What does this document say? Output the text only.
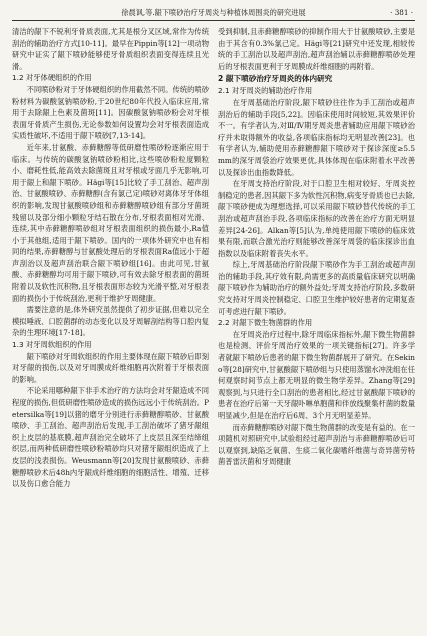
徐晨讽,等.龈下喷砂治疗牙周炎与种植体周围炎的研究进展	· 381 ·

清洁的龈下不锐利牙骨质表面,尤其是根分叉区域,常作为传统刮治的辅助治疗方式[10-11]。最早在Pippin等[12]一项动物研究中证实了龈下喷砂能够使牙骨质组织表面变得连续且光滑。

1.2 对牙体硬组织的作用

不同喷砂粉对于牙体硬组织的作用截然不同。传统的喷砂粉材料为碳酸氢钠喷砂粉,于20世纪80年代投入临床应用,常用于去除龈上色素及菌斑[11]。因碳酸氢钠喷砂粉会对牙根表面牙骨质产生损伤,无论参数如何设置均会对牙根表面造成实质性破坏,不适用于龈下喷砂[7,13-14]。

近年来,甘氨酸、赤藓糖醇等低研磨性喷砂粉逐渐应用于临床。与传统的碳酸氢钠喷砂粉相比,这些喷砂粉粒度颗粒小、磨耗性低,能高效去除菌斑且对牙根或牙面几乎无影响,可用于龈上和龈下喷砂。Hägi等[15]比较了手工刮治、超声刮治、甘氨酸喷砂、赤藓糖醇(含有氯己定)喷砂对离体牙牙体组织的影响,发现甘氨酸喷砂组和赤藓糖醇喷砂组有部分牙菌斑残留以及部分细小颗粒牙结石散在分布,牙根表面相对光滑、连续,其中赤藓糖醇喷砂组对牙根表面组织的损伤最小,Ra值小于其他组,适用于龈下喷砂。国内的一项体外研究中也有相同的结果,赤藓糖醇与甘氨酸处理后的牙根表面Ra值远小于超声刮治以及超声刮治联合龈下喷砂组[16]。由此可见,甘氨酸、赤藓糖醇均可用于龈下喷砂,可有效去除牙根表面的菌斑附着以及软性沉积物,且牙根表面形态较为光滑平整,对牙根表面的损伤小于传统刮治,更利于维护牙周健康。

需要注意的是,体外研究虽然提供了初步证据,但难以完全模拟唾液、口腔菌群的动态变化以及牙周解剖结构等口腔内复杂的生理环境[17-18]。

1.3 对牙周软组织的作用

龈下喷砂对牙周软组织的作用主要体现在龈下喷砂后即刻对牙龈的损伤,以及对牙周膜成纤维细胞再次附着于牙根表面的影响。

不论采用哪种龈下非手术治疗的方法均会对牙龈造成不同程度的损伤,但低研磨性喷砂造成的损伤远远小于传统刮治。Petersilka等[19]以猪的磨牙分别进行赤藓糖醇喷砂、甘氨酸喷砂、手工刮治、超声刮治后发现,手工刮治破坏了猪牙龈组织上皮层的基底膜,超声刮治完全破坏了上皮层且深至结缔组织层,而两种低研磨性喷砂粉喷砂均只对猪牙龈组织造成了上皮层的浅表损伤。Weusmann等[20]发现甘氨酸喷砂、赤藓糖醇喷砂术后48h内牙龈成纤维细胞的细胞活性、增殖、迁移以及伤口愈合能力

受到抑制,且赤藓糖醇喷砂的抑制作用大于甘氨酸喷砂,主要是由于其含有0.3%氯己定。Hägi等[21]研究中还发现,相较传统的手工刮治以及超声刮治,超声刮治辅以赤藓糖醇喷砂处理后的牙根表面更利于牙周膜成纤维细胞的再附着。

2 龈下喷砂治疗牙周炎的体内研究
2.1 对牙周炎的辅助治疗作用

在牙周基础治疗阶段,龈下喷砂往往作为手工刮治或超声刮治后的辅助手段[5,22]。因临床使用时间较短,其效果评价不一。有学者认为,对Ⅲ/Ⅳ期牙周炎患者辅助应用龈下喷砂治疗并未取得额外的收益,各项临床指标均无明显改善[23]。也有学者认为,辅助使用赤藓糖醇龈下喷砂对于探诊深度≥5.5 mm的深牙周袋治疗效果更优,具体体现在临床附着水平改善以及探诊出血指数降低。

在牙周支持治疗阶段,对于口腔卫生相对较好、牙周炎控制稳定的患者,因其龈下多为软性沉积物,病变牙骨质也已去除,龈下喷砂便成为理想选择,可以采用龈下喷砂替代传统的手工刮治或超声刮治手段,各项临床指标的改善在治疗方面无明显差异[24-26]。Alkan等[5]认为,单纯使用龈下喷砂的临床效果有限,而联合激光治疗则能够改善深牙周袋的临床探诊出血指数以及临床附着丧失水平。

综上,牙周基础治疗阶段龈下喷砂作为手工刮治或超声刮治的辅助手段,其疗效有限,尚需更多的高质量临床研究以明确龈下喷砂作为辅助治疗的额外益处;牙周支持治疗阶段,多数研究支持对牙周炎控制稳定、口腔卫生维护较好患者的定期复查可考虑进行龈下喷砂。

2.2 对龈下微生物菌群的作用

在牙周炎治疗过程中,除牙周临床指标外,龈下微生物菌群也是检测、评价牙周治疗效果的一项关键指标[27]。许多学者就龈下喷砂后患者的龈下微生物菌群展开了研究。在Sekino等[28]研究中,甘氨酸龈下喷砂组与只使用蒸馏水冲洗组在任何观察时间节点上都无明显的微生物学差异。Zhang等[29]观察到,与只进行全口刮治的患者相比,经过甘氨酸龈下喷砂的患者在治疗后第一天牙龈卟啉单胞菌和伴放线聚集杆菌的数量明显减少,但是在治疗后6周、3个月无明显差异。

而赤藓糖醇喷砂对龈下微生物菌群的改变是有益的。在一项随机对照研究中,试验组经过超声刮治与赤藓糖醇喷砂后可以观察到,缺陷乏氧菌、生痰二氧化碳嗜纤维菌与奇异菌劳特菌普雷沃菌和牙周健康
